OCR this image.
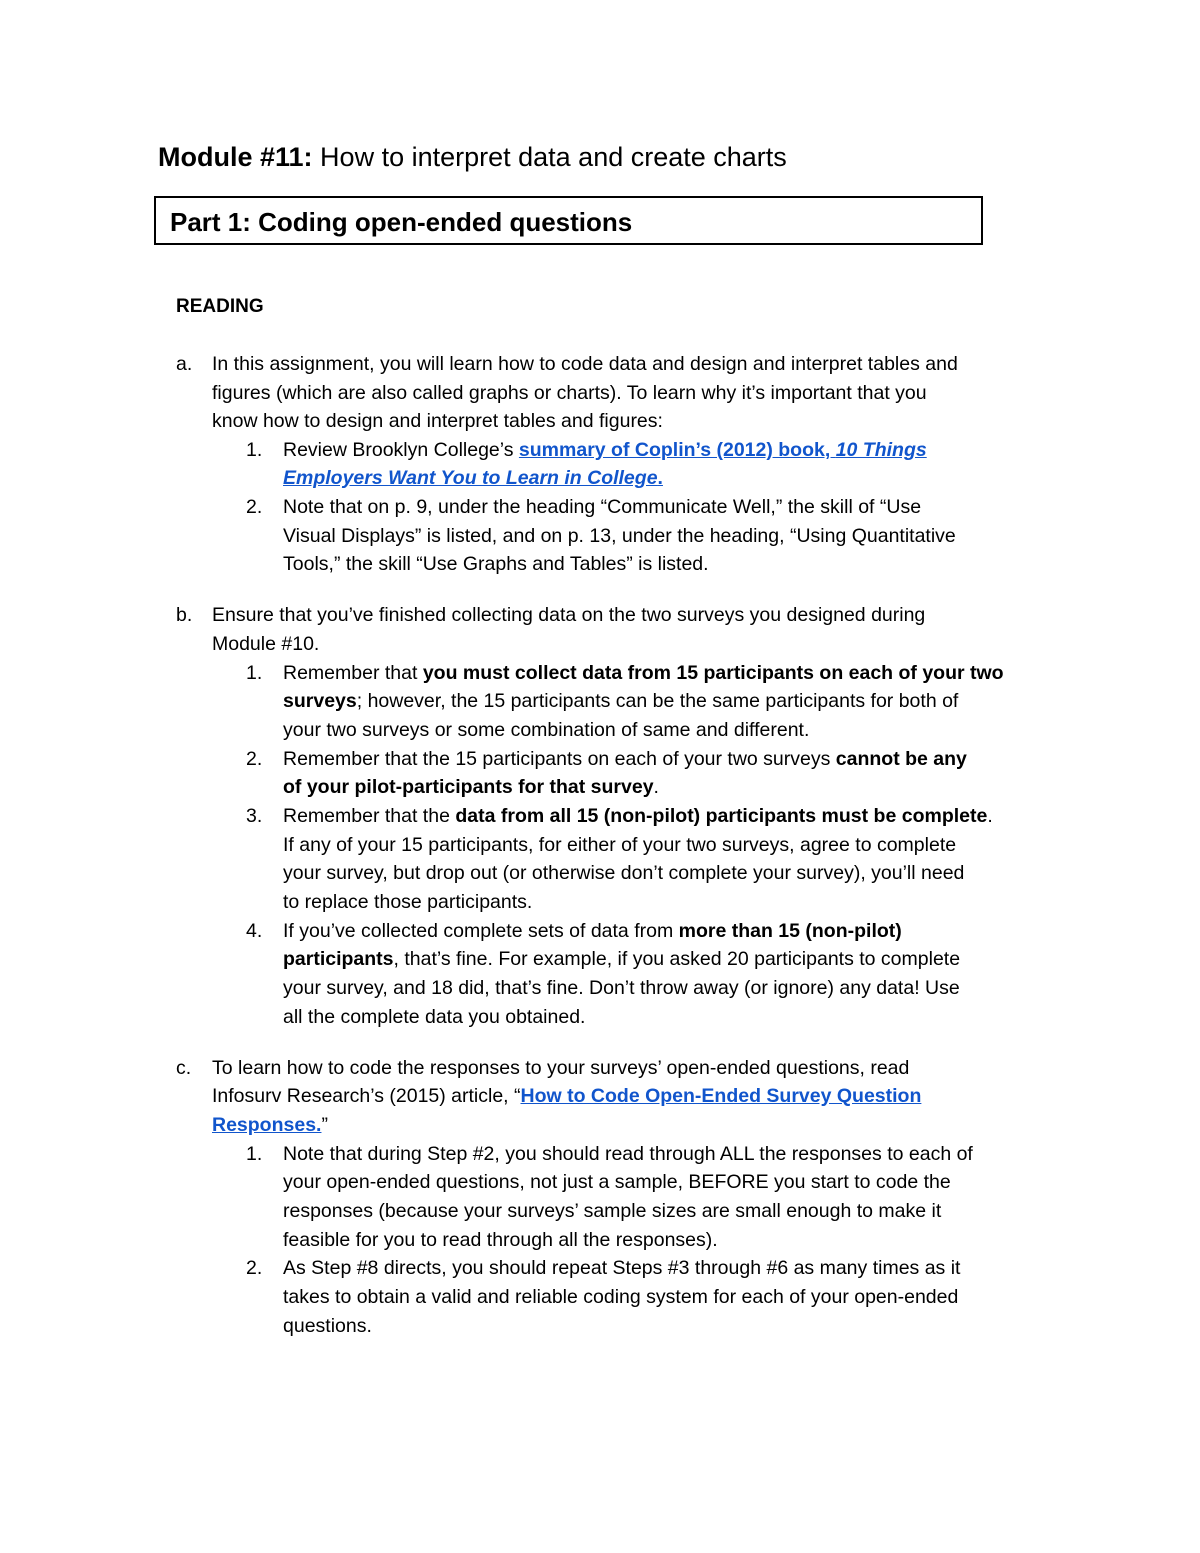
Module #11: How to interpret data and create charts
Part 1: Coding open-ended questions
READING
a. In this assignment, you will learn how to code data and design and interpret tables and
figures (which are also called graphs or charts). To learn why it’s important that you
know how to design and interpret tables and figures:
1. Review Brooklyn College’s summary of Coplin’s (2012) book, 10 Things
Employers Want You to Learn in College.
2. Note that on p. 9, under the heading “Communicate Well,” the skill of “Use
Visual Displays” is listed, and on p. 13, under the heading, “Using Quantitative
Tools,” the skill “Use Graphs and Tables” is listed.
b. Ensure that you’ve finished collecting data on the two surveys you designed during
Module #10.
1. Remember that you must collect data from 15 participants on each of your two
surveys; however, the 15 participants can be the same participants for both of
your two surveys or some combination of same and different.
2. Remember that the 15 participants on each of your two surveys cannot be any
of your pilot-participants for that survey.
3. Remember that the data from all 15 (non-pilot) participants must be complete.
If any of your 15 participants, for either of your two surveys, agree to complete
your survey, but drop out (or otherwise don’t complete your survey), you’ll need
to replace those participants.
4. If you’ve collected complete sets of data from more than 15 (non-pilot)
participants, that’s fine. For example, if you asked 20 participants to complete
your survey, and 18 did, that’s fine. Don’t throw away (or ignore) any data! Use
all the complete data you obtained.
c. To learn how to code the responses to your surveys’ open-ended questions, read
Infosurv Research’s (2015) article, “How to Code Open-Ended Survey Question
Responses.”
1. Note that during Step #2, you should read through ALL the responses to each of
your open-ended questions, not just a sample, BEFORE you start to code the
responses (because your surveys’ sample sizes are small enough to make it
feasible for you to read through all the responses).
2. As Step #8 directs, you should repeat Steps #3 through #6 as many times as it
takes to obtain a valid and reliable coding system for each of your open-ended
questions.
